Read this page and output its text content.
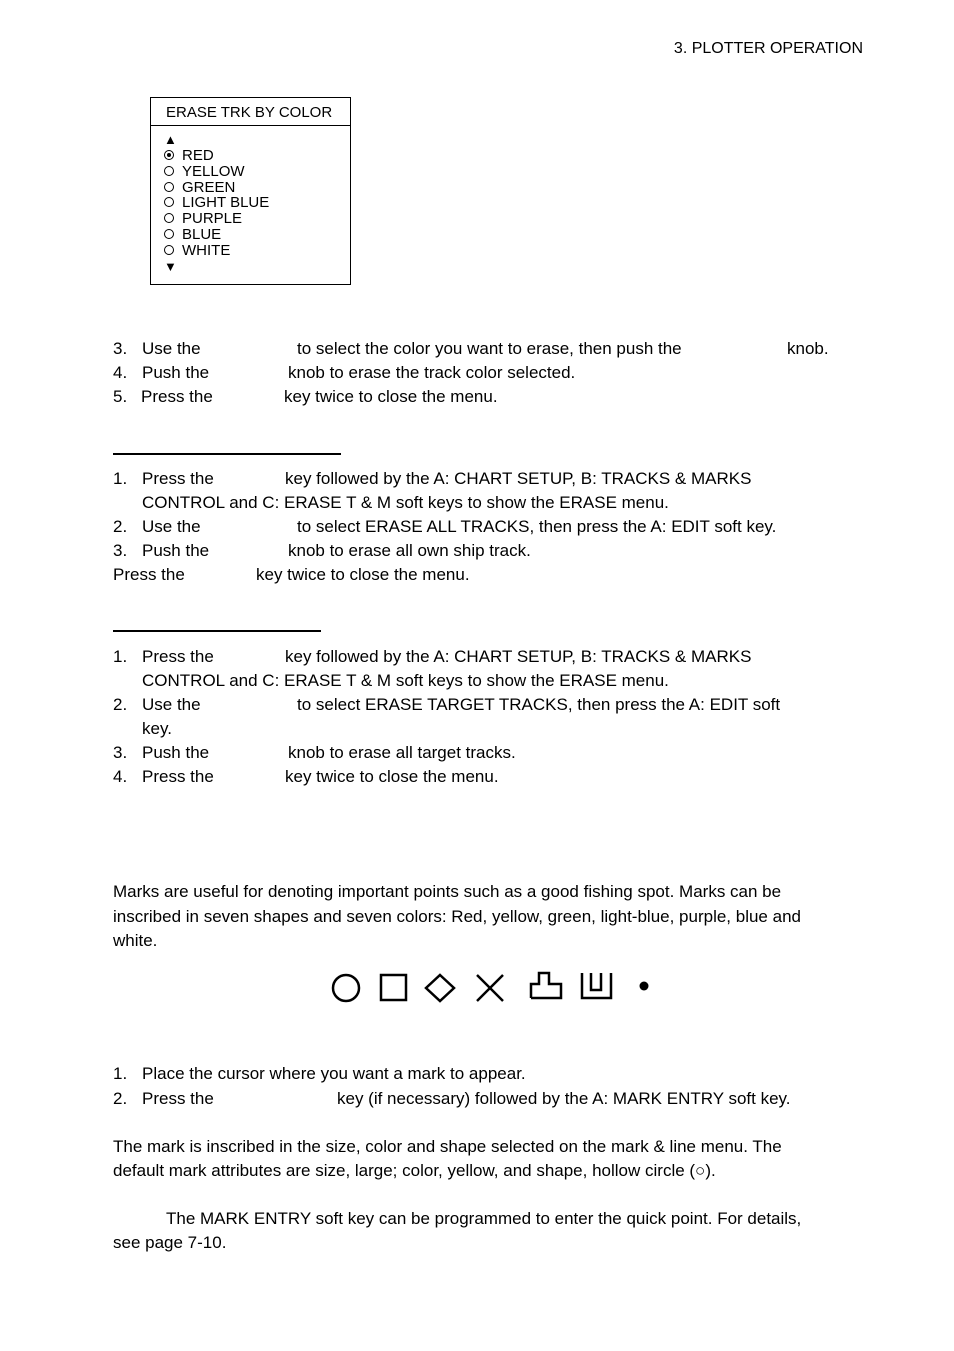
3. PLOTTER OPERATION
ERASE TRK BY COLOR
▲
RED
YELLOW
GREEN
LIGHT BLUE
PURPLE
BLUE
WHITE
▼
3. Use the	to select the color you want to erase, then push the	knob.
4. Push the	knob to erase the track color selected.
5. Press the	key twice to close the menu.
1. Press the	key followed by the A: CHART SETUP, B: TRACKS & MARKS
CONTROL and C: ERASE T & M soft keys to show the ERASE menu.
2. Use the	to select ERASE ALL TRACKS, then press the A: EDIT soft key.
3. Push the	knob to erase all own ship track.
Press the	key twice to close the menu.
1. Press the	key followed by the A: CHART SETUP, B: TRACKS & MARKS
CONTROL and C: ERASE T & M soft keys to show the ERASE menu.
2. Use the	to select ERASE TARGET TRACKS, then press the A: EDIT soft
key.
3. Push the	knob to erase all target tracks.
4. Press the	key twice to close the menu.
Marks are useful for denoting important points such as a good fishing spot. Marks can be
inscribed in seven shapes and seven colors: Red, yellow, green, light-blue, purple, blue and
white.
1. Place the cursor where you want a mark to appear.
2. Press the	key (if necessary) followed by the A: MARK ENTRY soft key.
The mark is inscribed in the size, color and shape selected on the mark & line menu. The
default mark attributes are size, large; color, yellow, and shape, hollow circle (○).
The MARK ENTRY soft key can be programmed to enter the quick point. For details,
see page 7-10.
